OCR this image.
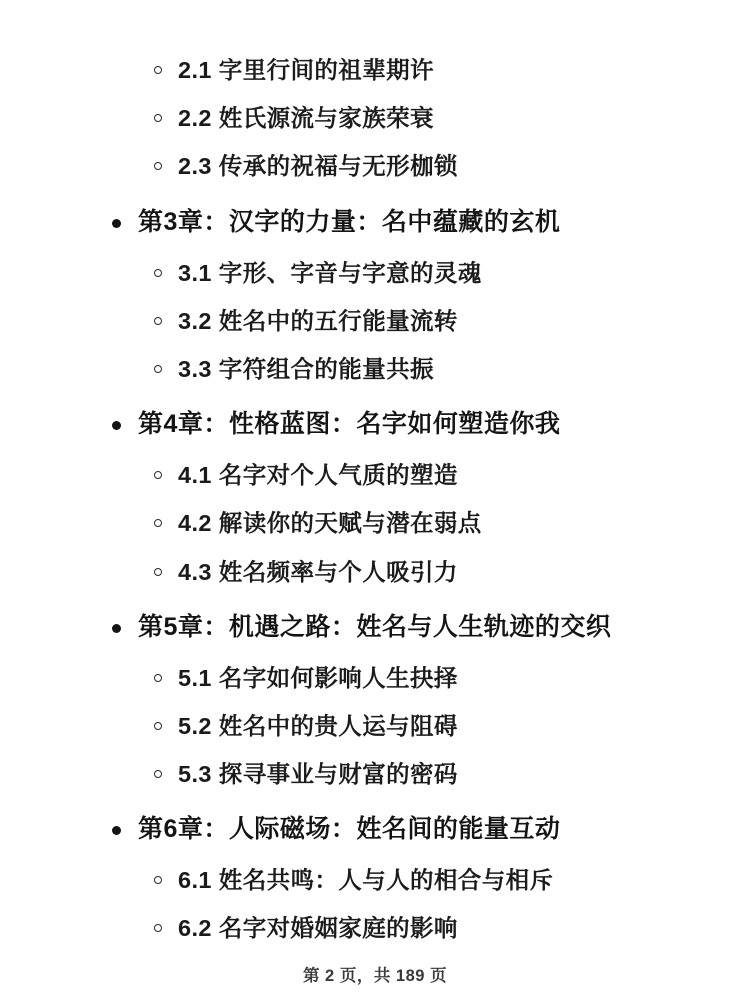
2.1 字里行间的祖辈期许
2.2 姓氏源流与家族荣衰
2.3 传承的祝福与无形枷锁
第3章：汉字的力量：名中蕴藏的玄机
3.1 字形、字音与字意的灵魂
3.2 姓名中的五行能量流转
3.3 字符组合的能量共振
第4章：性格蓝图：名字如何塑造你我
4.1 名字对个人气质的塑造
4.2 解读你的天赋与潜在弱点
4.3 姓名频率与个人吸引力
第5章：机遇之路：姓名与人生轨迹的交织
5.1 名字如何影响人生抉择
5.2 姓名中的贵人运与阻碍
5.3 探寻事业与财富的密码
第6章：人际磁场：姓名间的能量互动
6.1 姓名共鸣：人与人的相合与相斥
6.2 名字对婚姻家庭的影响
第 2 页，共 189 页
